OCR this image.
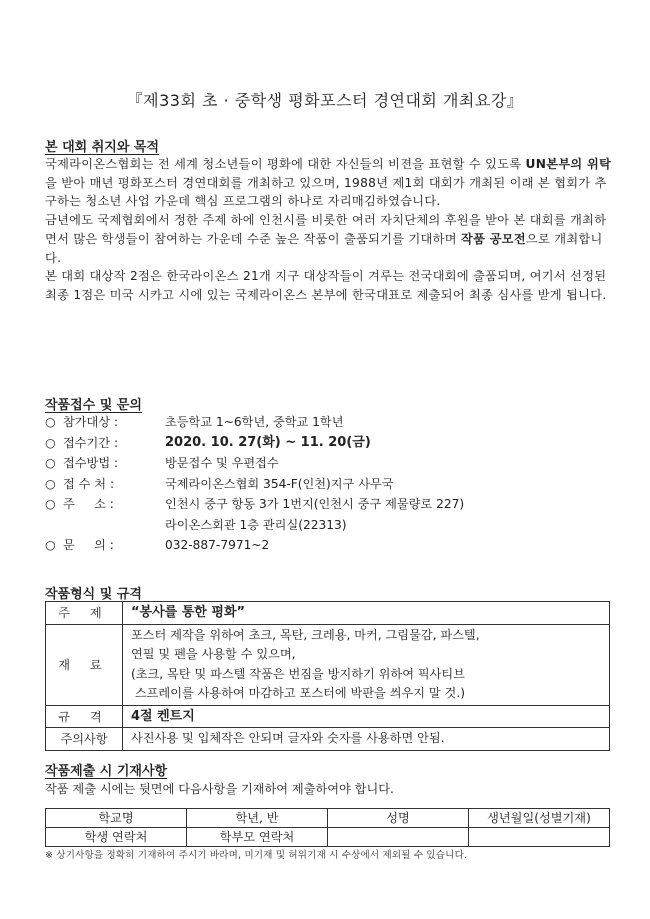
『제33회 초 · 중학생 평화포스터 경연대회 개최요강』
본 대회 취지와 목적

국제라이온스협회는 전 세계 청소년들이 평화에 대한 자신들의 비젼을 표현할 수 있도록 UN본부의 위탁을 받아 매년 평화포스터 경연대회를 개최하고 있으며, 1988년 제1회 대회가 개최된 이래 본 협회가 추구하는 청소년 사업 가운데 핵심 프로그램의 하나로 자리매김하였습니다.

금년에도 국제협회에서 정한 주제 하에 인천시를 비롯한 여러 자치단체의 후원을 받아 본 대회를 개최하면서 많은 학생들이 참여하는 가운데 수준 높은 작품이 출품되기를 기대하며 작품 공모전으로 개최합니다.

본 대회 대상작 2점은 한국라이온스 21개 지구 대상작들이 겨루는 전국대회에 출품되며, 여기서 선정된 최종 1점은 미국 시카고 시에 있는 국제라이온스 본부에 한국대표로 제출되어 최종 심사를 받게 됩니다.

작품접수 및 문의
○ 참가대상 :	초등학교 1~6학년, 중학교 1학년
○ 접수기간 :	2020. 10. 27(화) ~ 11. 20(금)
○ 접수방법 :	방문접수 및 우편접수
○ 접 수 처 :	국제라이온스협회 354-F(인천)지구 사무국
○ 주     소 :	인천시 중구 항동 3가 1번지(인천시 중구 제물량로 227)
라이온스회관 1층 관리실(22313)
○ 문     의 :	032-887-7971~2
작품형식 및 규격
주 제	“봉사를 통한 평화”
재 료	포스터 제작을 위하여 초크, 목탄, 크레용, 마커, 그림물감, 파스텔,
연필 및 펜을 사용할 수 있으며,
(초크, 목탄 및 파스텔 작품은 번짐을 방지하기 위하여 픽사티브
스프레이를 사용하여 마감하고 포스터에 박판을 씌우지 말 것.)

규 격	4절 켄트지
주의사항	사진사용 및 입체작은 안되며 글자와 숫자를 사용하면 안됨.
작품제출 시 기재사항
작품 제출 시에는 뒷면에 다음사항을 기재하여 제출하여야 합니다.
학교명	학년, 반	성명	생년월일(성별기재)
학생 연락처	학부모 연락처		
※ 상기사항을 정확히 기재하여 주시기 바라며, 미기재 및 허위기재 시 수상에서 제외될 수 있습니다.
